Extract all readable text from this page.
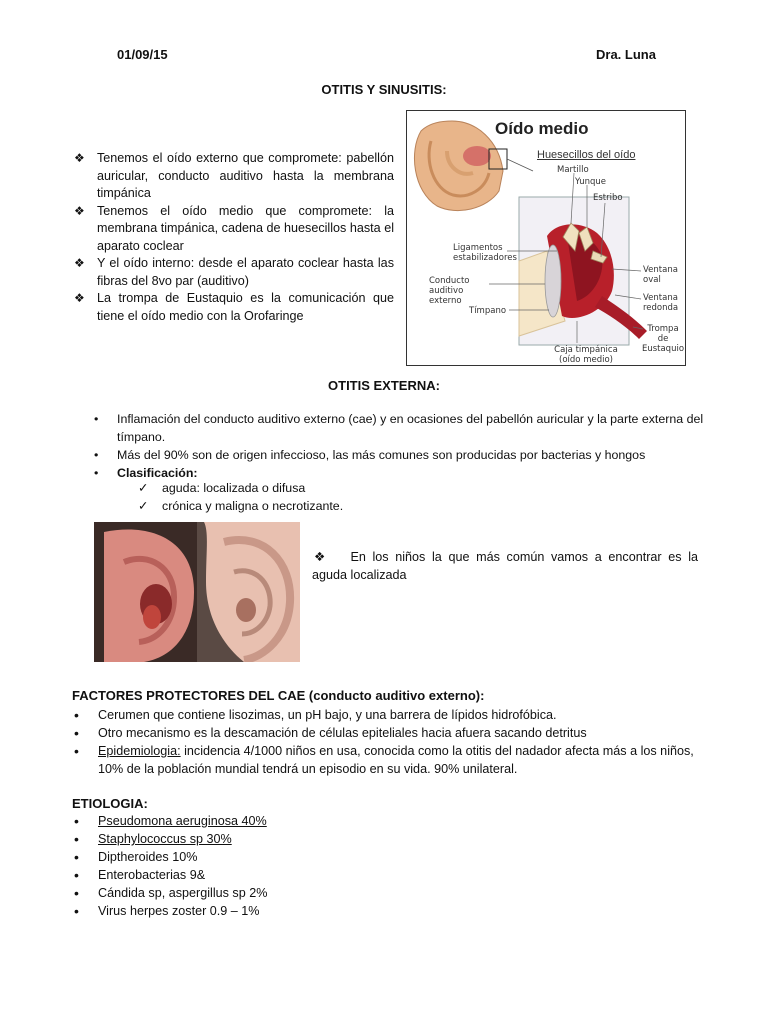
01/09/15	Dra. Luna
OTITIS Y SINUSITIS:
❖ Tenemos el oído externo que compromete: pabellón auricular, conducto auditivo hasta la membrana timpánica
❖ Tenemos el oído medio que compromete: la membrana timpánica, cadena de huesecillos hasta el aparato coclear
❖ Y el oído interno: desde el aparato coclear hasta las fibras del 8vo par (auditivo)
❖ La trompa de Eustaquio es la comunicación que tiene el oído medio con la Orofaringe
Oído medio
Huesecillos del oído
Martillo
Yunque
Estribo
Ligamentos estabilizadores
Conducto auditivo externo
Tímpano
Caja timpánica (oído medio)
Ventana oval
Ventana redonda
Trompa de Eustaquio
OTITIS EXTERNA:
• Inflamación del conducto auditivo externo (cae) y en ocasiones del pabellón auricular y la parte externa del tímpano.
• Más del 90% son de origen infeccioso, las más comunes son producidas por bacterias y hongos
• Clasificación:
✓ aguda: localizada o difusa
✓ crónica y maligna o necrotizante.
❖ En los niños la que más común vamos a encontrar es la aguda localizada
FACTORES PROTECTORES DEL CAE (conducto auditivo externo):
• Cerumen que contiene lisozimas, un pH bajo, y una barrera de lípidos hidrofóbica.
• Otro mecanismo es la descamación de células epiteliales hacia afuera sacando detritus
• Epidemiologia: incidencia 4/1000 niños en usa, conocida como la otitis del nadador afecta más a los niños, 10% de la población mundial tendrá un episodio en su vida. 90% unilateral.
ETIOLOGIA:
• Pseudomona aeruginosa 40%
• Staphylococcus sp 30%
• Diptheroides 10%
• Enterobacterias 9&
• Cándida sp, aspergillus sp 2%
• Virus herpes zoster 0.9 – 1%
